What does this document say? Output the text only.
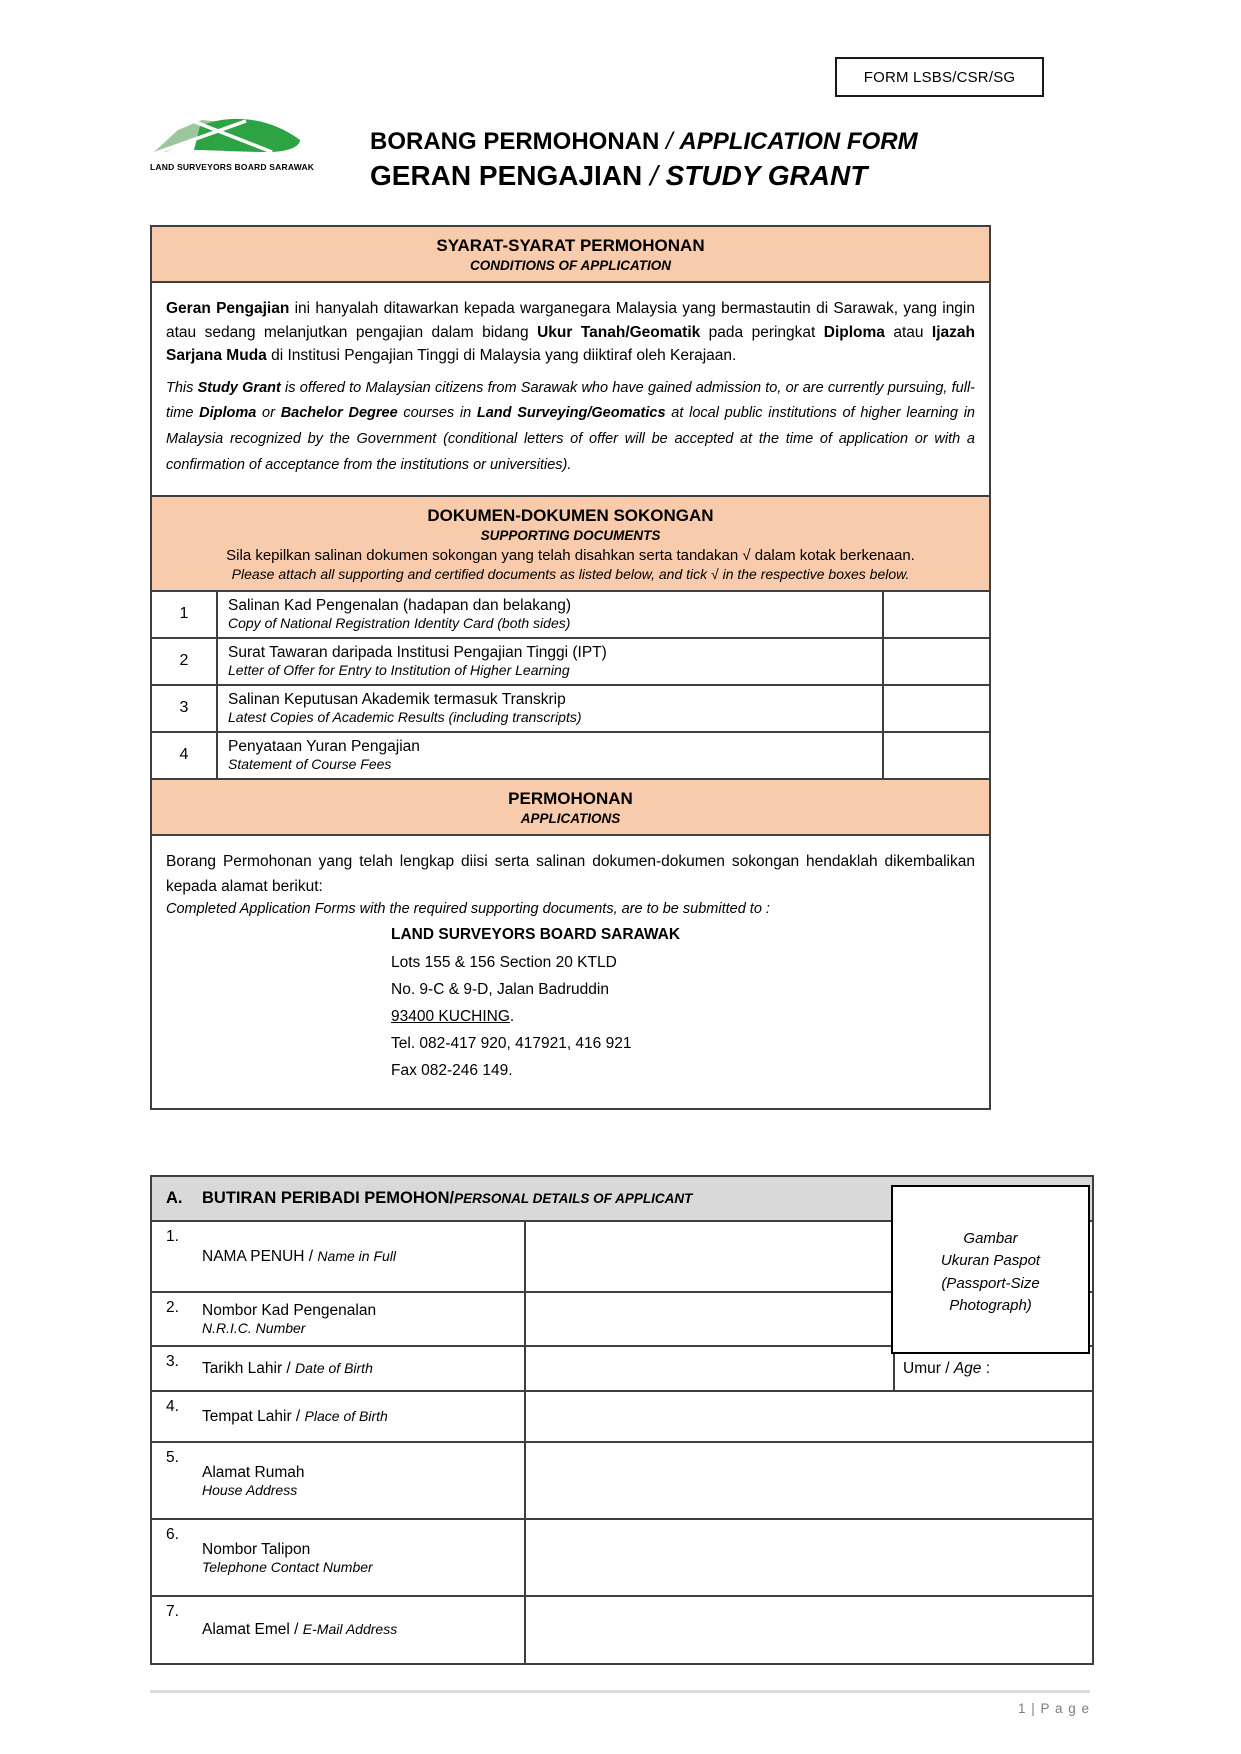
FORM LSBS/CSR/SG
LAND SURVEYORS BOARD SARAWAK
BORANG PERMOHONAN / APPLICATION FORM
GERAN PENGAJIAN / STUDY GRANT
SYARAT-SYARAT PERMOHONAN
CONDITIONS OF APPLICATION

Geran Pengajian ini hanyalah ditawarkan kepada warganegara Malaysia yang bermastautin di Sarawak, yang ingin atau sedang melanjutkan pengajian dalam bidang Ukur Tanah/Geomatik pada peringkat Diploma atau Ijazah Sarjana Muda di Institusi Pengajian Tinggi di Malaysia yang diiktiraf oleh Kerajaan.

This Study Grant is offered to Malaysian citizens from Sarawak who have gained admission to, or are currently pursuing, full-time Diploma or Bachelor Degree courses in Land Surveying/Geomatics at local public institutions of higher learning in Malaysia recognized by the Government (conditional letters of offer will be accepted at the time of application or with a confirmation of acceptance from the institutions or universities).

DOKUMEN-DOKUMEN SOKONGAN
SUPPORTING DOCUMENTS
Sila kepilkan salinan dokumen sokongan yang telah disahkan serta tandakan √ dalam kotak berkenaan.
Please attach all supporting and certified documents as listed below, and tick √ in the respective boxes below.
1	Salinan Kad Pengenalan (hadapan dan belakang)
Copy of National Registration Identity Card (both sides)
2	Surat Tawaran daripada Institusi Pengajian Tinggi (IPT)
Letter of Offer for Entry to Institution of Higher Learning
3	Salinan Keputusan Akademik termasuk Transkrip
Latest Copies of Academic Results (including transcripts)
4	Penyataan Yuran Pengajian
Statement of Course Fees
PERMOHONAN
APPLICATIONS

Borang Permohonan yang telah lengkap diisi serta salinan dokumen-dokumen sokongan hendaklah dikembalikan kepada alamat berikut:

Completed Application Forms with the required supporting documents, are to be submitted to :

LAND SURVEYORS BOARD SARAWAK
Lots 155 & 156 Section 20 KTLD
No. 9-C & 9-D, Jalan Badruddin
93400 KUCHING.
Tel. 082-417 920, 417921, 416 921
Fax 082-246 149.
A.	BUTIRAN PERIBADI PEMOHON / PERSONAL DETAILS OF APPLICANT
Gambar
Ukuran Paspot
(Passport-Size
Photograph)
1.
NAMA PENUH / Name in Full
2.	Nombor Kad Pengenalan
N.R.I.C. Number
3.	Tarikh Lahir / Date of Birth	Umur / Age :
4.
Tempat Lahir / Place of Birth
5.
Alamat Rumah
House Address
6.
Nombor Talipon
Telephone Contact Number
7.
Alamat Emel / E-Mail Address
1 | P a g e
